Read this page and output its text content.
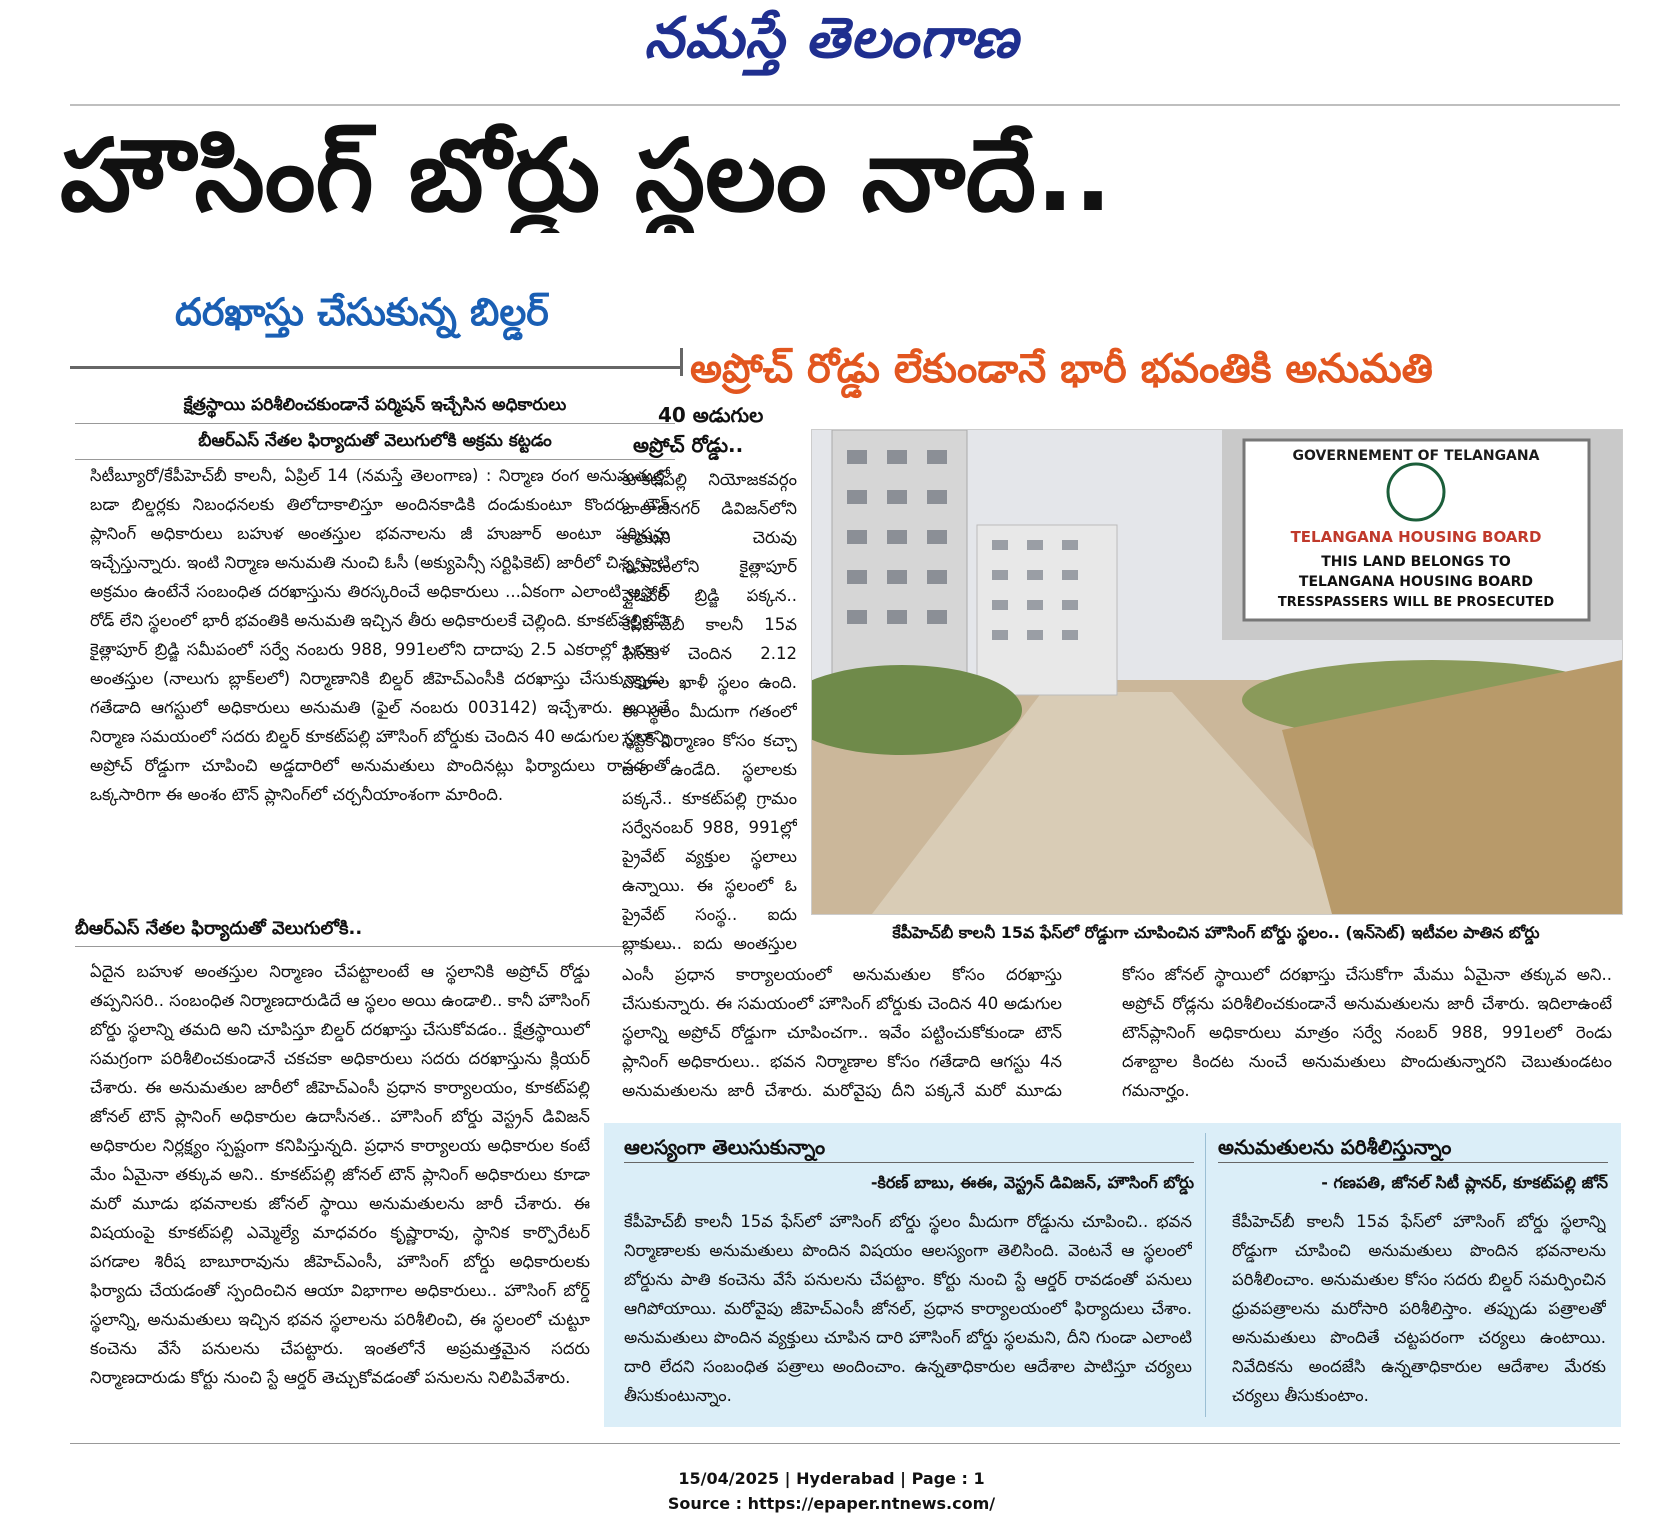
నమస్తే తెలంగాణ
హౌసింగ్ బోర్డు స్థలం నాదే..
దరఖాస్తు చేసుకున్న బిల్డర్
అప్రోచ్ రోడ్డు లేకుండానే భారీ భవంతికి అనుమతి
క్షేత్రస్థాయి పరిశీలించకుండానే పర్మిషన్ ఇచ్చేసిన అధికారులు
బీఆర్ఎస్ నేతల ఫిర్యాదుతో వెలుగులోకి అక్రమ కట్టడం
సిటీబ్యూరో/కేపీహెచ్‌బీ కాలనీ, ఏప్రిల్ 14 (నమస్తే తెలంగాణ) : నిర్మాణ రంగ అనుమతుల్లో బడా బిల్డర్లకు నిబంధనలకు తిలోదాకాలిస్తూ అందినకాడికి దండుకుంటూ కొందరు టౌన్ ప్లానింగ్ అధికారులు బహుళ అంతస్తుల భవనాలను జీ హుజూర్ అంటూ పర్మిషన్లు ఇచ్చేస్తున్నారు. ఇంటి నిర్మాణ అనుమతి నుంచి ఓసీ (అక్యుపెన్సీ సర్టిఫికెట్) జారీలో చిన్న పాటి అక్రమం ఉంటేనే సంబంధిత దరఖాస్తును తిరస్కరించే అధికారులు ...ఏకంగా ఎలాంటి అప్రోచ్ రోడ్ లేని స్థలంలో భారీ భవంతికి అనుమతి ఇచ్చిన తీరు అధికారులకే చెల్లింది. కూకట్‌పల్లిలోని కైత్లాపూర్ బ్రిడ్జి సమీపంలో సర్వే నంబరు 988, 991లలోని దాదాపు 2.5 ఎకరాల్లో బహుళ అంతస్తుల (నాలుగు బ్లాక్‌లలో) నిర్మాణానికి బిల్డర్ జీహెచ్‌ఎంసీకి దరఖాస్తు చేసుకున్నాడు. గతేడాది ఆగస్టులో అధికారులు అనుమతి (ఫైల్ నంబరు 003142) ఇచ్చేశారు. అయితే నిర్మాణ సమయంలో సదరు బిల్డర్ కూకట్‌పల్లి హౌసింగ్ బోర్డుకు చెందిన 40 అడుగుల స్థలాన్ని అప్రోచ్ రోడ్డుగా చూపించి అడ్డదారిలో అనుమతులు పొందినట్లు ఫిర్యాదులు రావడంతో ఒక్కసారిగా ఈ అంశం టౌన్ ప్లానింగ్‌లో చర్చనీయాంశంగా మారింది.
బీఆర్ఎస్ నేతల ఫిర్యాదుతో వెలుగులోకి..
ఏదైన బహుళ అంతస్తుల నిర్మాణం చేపట్టాలంటే ఆ స్థలానికి అప్రోచ్ రోడ్డు తప్పనిసరి.. సంబంధిత నిర్మాణదారుడిదే ఆ స్థలం అయి ఉండాలి.. కానీ హౌసింగ్ బోర్డు స్థలాన్ని తమది అని చూపిస్తూ బిల్డర్ దరఖాస్తు చేసుకోవడం.. క్షేత్రస్థాయిలో సమగ్రంగా పరిశీలించకుండానే చకచకా అధికారులు సదరు దరఖాస్తును క్లియర్ చేశారు. ఈ అనుమతుల జారీలో జీహెచ్‌ఎంసీ ప్రధాన కార్యాలయం, కూకట్‌పల్లి జోనల్ టౌన్ ప్లానింగ్ అధికారుల ఉదాసీనత.. హౌసింగ్ బోర్డు వెస్ట్రన్ డివిజన్ అధికారుల నిర్లక్ష్యం స్పష్టంగా కనిపిస్తున్నది. ప్రధాన కార్యాలయ అధికారుల కంటే మేం ఏమైనా తక్కువ అని.. కూకట్‌పల్లి జోనల్ టౌన్ ప్లానింగ్ అధికారులు కూడా మరో మూడు భవనాలకు జోనల్ స్థాయి అనుమతులను జారీ చేశారు. ఈ విషయంపై కూకట్‌పల్లి ఎమ్మెల్యే మాధవరం కృష్ణారావు, స్థానిక కార్పొరేటర్ పగడాల శిరీష బాబూరావును జీహెచ్‌ఎంసీ, హౌసింగ్ బోర్డు అధికారులకు ఫిర్యాదు చేయడంతో స్పందించిన ఆయా విభాగాల అధికారులు.. హౌసింగ్ బోర్డ్ స్థలాన్ని, అనుమతులు ఇచ్చిన భవన స్థలాలను పరిశీలించి, ఈ స్థలంలో చుట్టూ కంచెను వేసే పనులను చేపట్టారు. ఇంతలోనే అప్రమత్తమైన సదరు నిర్మాణదారుడు కోర్టు నుంచి స్టే ఆర్డర్ తెచ్చుకోవడంతో పనులను నిలిపివేశారు.
40 అడుగుల
అప్రోచ్ రోడ్డు..
కూకట్‌పల్లి నియోజకవర్గం బాలాజీనగర్ డివిజన్‌లోని కాముని చెరువు సమీపంలోని కైత్లాపూర్ ఫ్లైఓవర్ బ్రిడ్జి పక్కన.. కేపీహెచ్‌బీ కాలనీ 15వ ఫేస్‌కు చెందిన 2.12 ఎకరాల ఖాళీ స్థలం ఉంది. ఈ స్థలం మీదుగా గతంలో సెప్టిక్ నిర్మాణం కోసం కచ్చా దారి ఉండేది. స్థలాలకు పక్కనే.. కూకట్‌పల్లి గ్రామం సర్వేనంబర్ 988, 991ల్లో ప్రైవేట్ వ్యక్తుల స్థలాలు ఉన్నాయి. ఈ స్థలంలో ఓ ప్రైవేట్ సంస్థ.. ఐదు బ్లాకులు.. ఐదు అంతస్తుల
GOVERNEMENT OF TELANGANA
TELANGANA HOUSING BOARD
THIS LAND BELONGS TO
TELANGANA HOUSING BOARD
TRESSPASSERS WILL BE PROSECUTED
కేపీహెచ్‌బీ కాలనీ 15వ ఫేస్‌లో రోడ్డుగా చూపించిన హౌసింగ్ బోర్డు స్థలం.. (ఇన్‌సెట్) ఇటీవల పాతిన బోర్డు
ఎంసీ ప్రధాన కార్యాలయంలో అనుమతుల కోసం దరఖాస్తు చేసుకున్నారు. ఈ సమయంలో హౌసింగ్ బోర్డుకు చెందిన 40 అడుగుల స్థలాన్ని అప్రోచ్ రోడ్డుగా చూపించగా.. ఇవేం పట్టించుకోకుండా టౌన్ ప్లానింగ్ అధికారులు.. భవన నిర్మాణాల కోసం గతేడాది ఆగస్టు 4న అనుమతులను జారీ చేశారు. మరోవైపు దీని పక్కనే మరో మూడు
కోసం జోనల్ స్థాయిలో దరఖాస్తు చేసుకోగా మేము ఏమైనా తక్కువ అని.. అప్రోచ్ రోడ్లను పరిశీలించకుండానే అనుమతులను జారీ చేశారు. ఇదిలాఉంటే టౌన్‌ప్లానింగ్ అధికారులు మాత్రం సర్వే నంబర్ 988, 991లలో రెండు దశాబ్దాల కిందట నుంచే అనుమతులు పొందుతున్నారని చెబుతుండటం గమనార్హం.
ఆలస్యంగా తెలుసుకున్నాం
-కిరణ్ బాబు, ఈఈ, వెస్ట్రన్ డివిజన్, హౌసింగ్ బోర్డు
కేపీహెచ్‌బీ కాలనీ 15వ ఫేస్‌లో హౌసింగ్ బోర్డు స్థలం మీదుగా రోడ్డును చూపించి.. భవన నిర్మాణాలకు అనుమతులు పొందిన విషయం ఆలస్యంగా తెలిసింది. వెంటనే ఆ స్థలంలో బోర్డును పాతి కంచెను వేసే పనులను చేపట్టాం. కోర్టు నుంచి స్టే ఆర్డర్ రావడంతో పనులు ఆగిపోయాయి. మరోవైపు జీహెచ్‌ఎంసీ జోనల్, ప్రధాన కార్యాలయంలో ఫిర్యాదులు చేశాం. అనుమతులు పొందిన వ్యక్తులు చూపిన దారి హౌసింగ్ బోర్డు స్థలమని, దీని గుండా ఎలాంటి దారి లేదని సంబంధిత పత్రాలు అందించాం. ఉన్నతాధికారుల ఆదేశాల పాటిస్తూ చర్యలు తీసుకుంటున్నాం.
అనుమతులను పరిశీలిస్తున్నాం
- గణపతి, జోనల్ సిటీ ప్లానర్, కూకట్‌పల్లి జోన్
కేపీహెచ్‌బీ కాలనీ 15వ ఫేస్‌లో హౌసింగ్ బోర్డు స్థలాన్ని రోడ్డుగా చూపించి అనుమతులు పొందిన భవనాలను పరిశీలించాం. అనుమతుల కోసం సదరు బిల్డర్ సమర్పించిన ధ్రువపత్రాలను మరోసారి పరిశీలిస్తాం. తప్పుడు పత్రాలతో అనుమతులు పొందితే చట్టపరంగా చర్యలు ఉంటాయి. నివేదికను అందజేసి ఉన్నతాధికారుల ఆదేశాల మేరకు చర్యలు తీసుకుంటాం.
15/04/2025 | Hyderabad | Page : 1
Source : https://epaper.ntnews.com/
